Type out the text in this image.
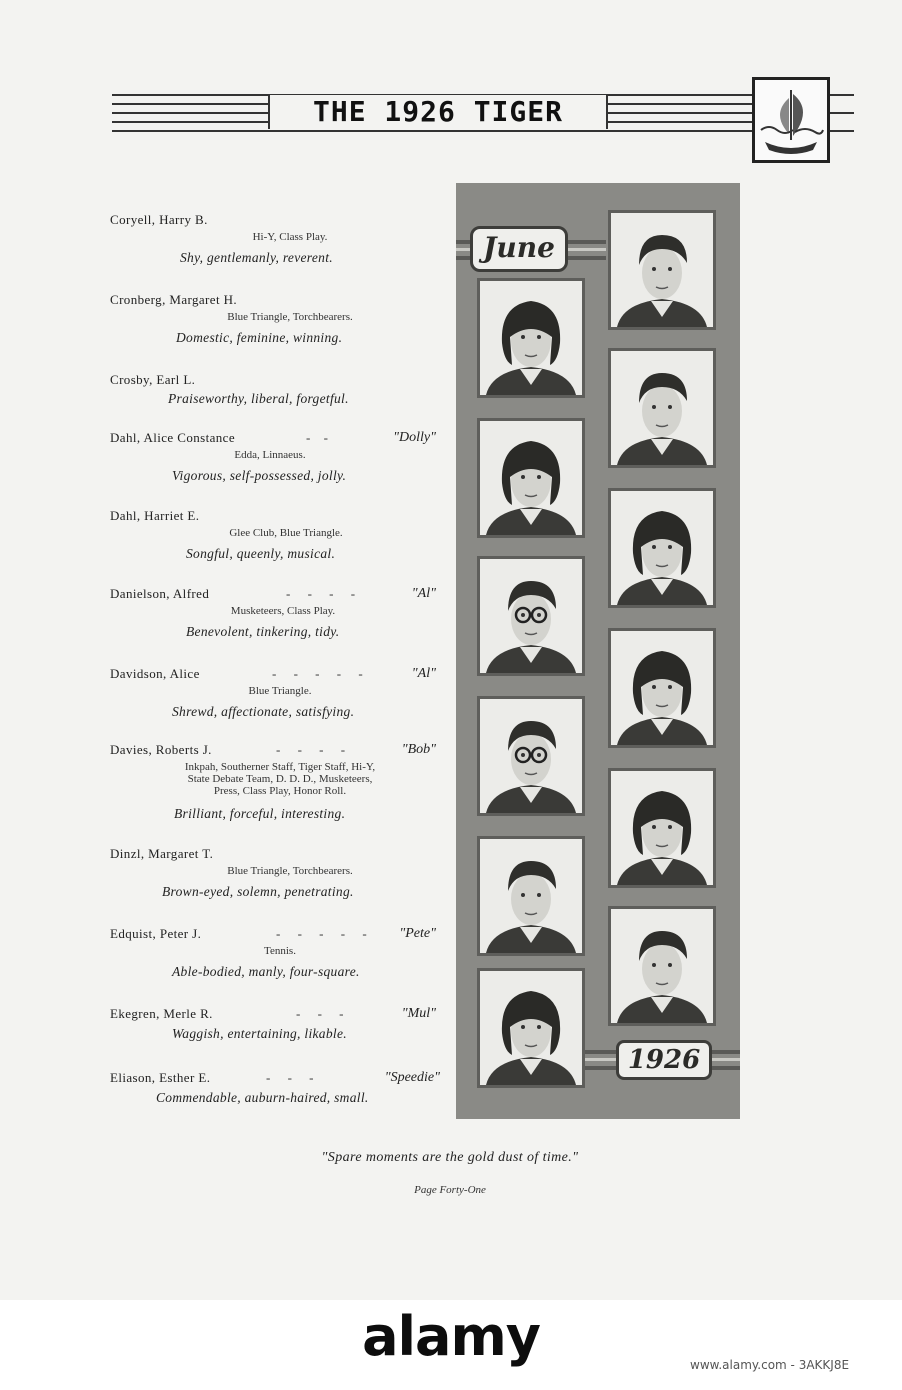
THE 1926 TIGER
Coryell, Harry B.
Hi-Y, Class Play.
Shy, gentlemanly, reverent.
Cronberg, Margaret H.
Blue Triangle, Torchbearers.
Domestic, feminine, winning.
Crosby, Earl L.
Praiseworthy, liberal, forgetful.
Dahl, Alice Constance	- -	"Dolly"
Edda, Linnaeus.
Vigorous, self-possessed, jolly.
Dahl, Harriet E.
Glee Club, Blue Triangle.
Songful, queenly, musical.
Danielson, Alfred	- - - -	"Al"
Musketeers, Class Play.
Benevolent, tinkering, tidy.
Davidson, Alice	- - - - -	"Al"
Blue Triangle.
Shrewd, affectionate, satisfying.
Davies, Roberts J.	- - - -	"Bob"
Inkpah, Southerner Staff, Tiger Staff, Hi-Y,
State Debate Team, D. D. D., Musketeers,
Press, Class Play, Honor Roll.
Brilliant, forceful, interesting.
Dinzl, Margaret T.
Blue Triangle, Torchbearers.
Brown-eyed, solemn, penetrating.
Edquist, Peter J.	- - - - -	"Pete"
Tennis.
Able-bodied, manly, four-square.
Ekegren, Merle R.	- - -	"Mul"
Waggish, entertaining, likable.
Eliason, Esther E.	- - -	"Speedie"
Commendable, auburn-haired, small.
June
1926
"Spare moments are the gold dust of time."
Page Forty-One
alamy	www.alamy.com - 3AKKJ8E
